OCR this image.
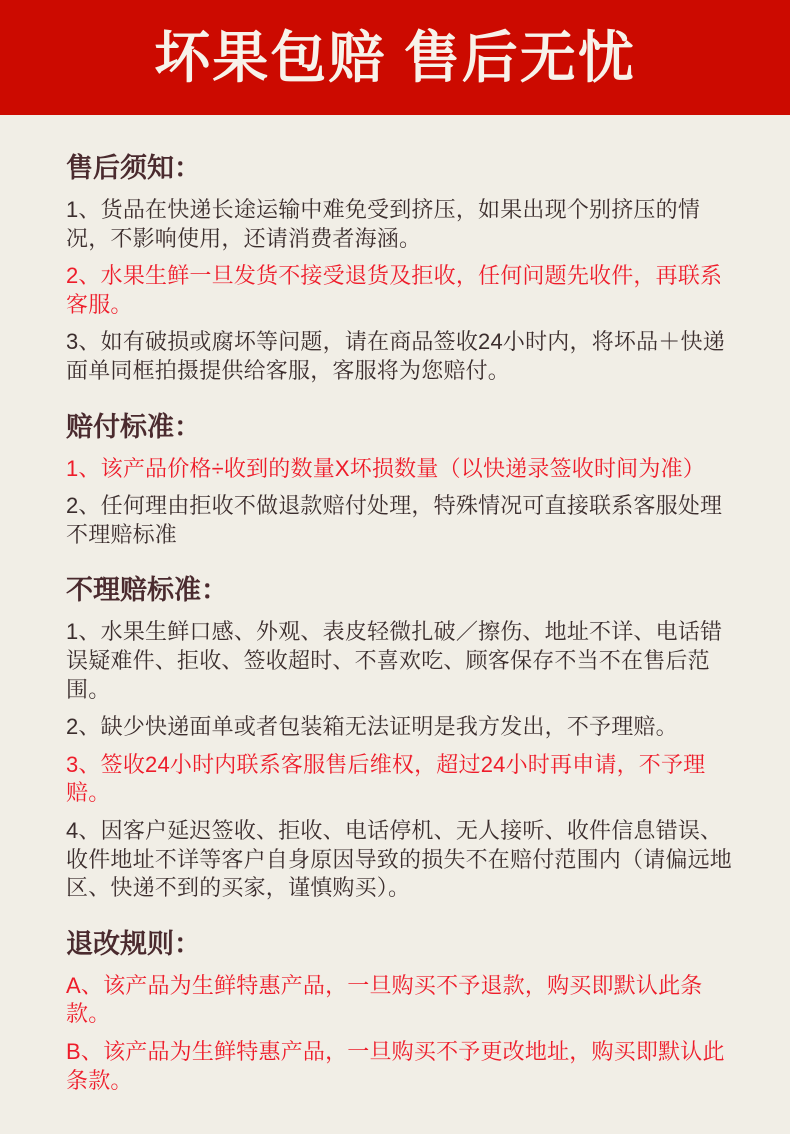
坏果包赔 售后无忧
售后须知：

1、货品在快递长途运输中难免受到挤压，如果出现个别挤压的情况，不影响使用，还请消费者海涵。

2、水果生鲜一旦发货不接受退货及拒收，任何问题先收件，再联系客服。

3、如有破损或腐坏等问题，请在商品签收24小时内，将坏品＋快递面单同框拍摄提供给客服，客服将为您赔付。

赔付标准：

1、该产品价格÷收到的数量X坏损数量（以快递录签收时间为准）

2、任何理由拒收不做退款赔付处理，特殊情况可直接联系客服处理不理赔标准

不理赔标准：

1、水果生鲜口感、外观、表皮轻微扎破／擦伤、地址不详、电话错误疑难件、拒收、签收超时、不喜欢吃、顾客保存不当不在售后范围。

2、缺少快递面单或者包装箱无法证明是我方发出，不予理赔。

3、签收24小时内联系客服售后维权，超过24小时再申请，不予理赔。

4、因客户延迟签收、拒收、电话停机、无人接听、收件信息错误、收件地址不详等客户自身原因导致的损失不在赔付范围内（请偏远地区、快递不到的买家，谨慎购买）。

退改规则：

A、该产品为生鲜特惠产品，一旦购买不予退款，购买即默认此条款。

B、该产品为生鲜特惠产品，一旦购买不予更改地址，购买即默认此条款。
